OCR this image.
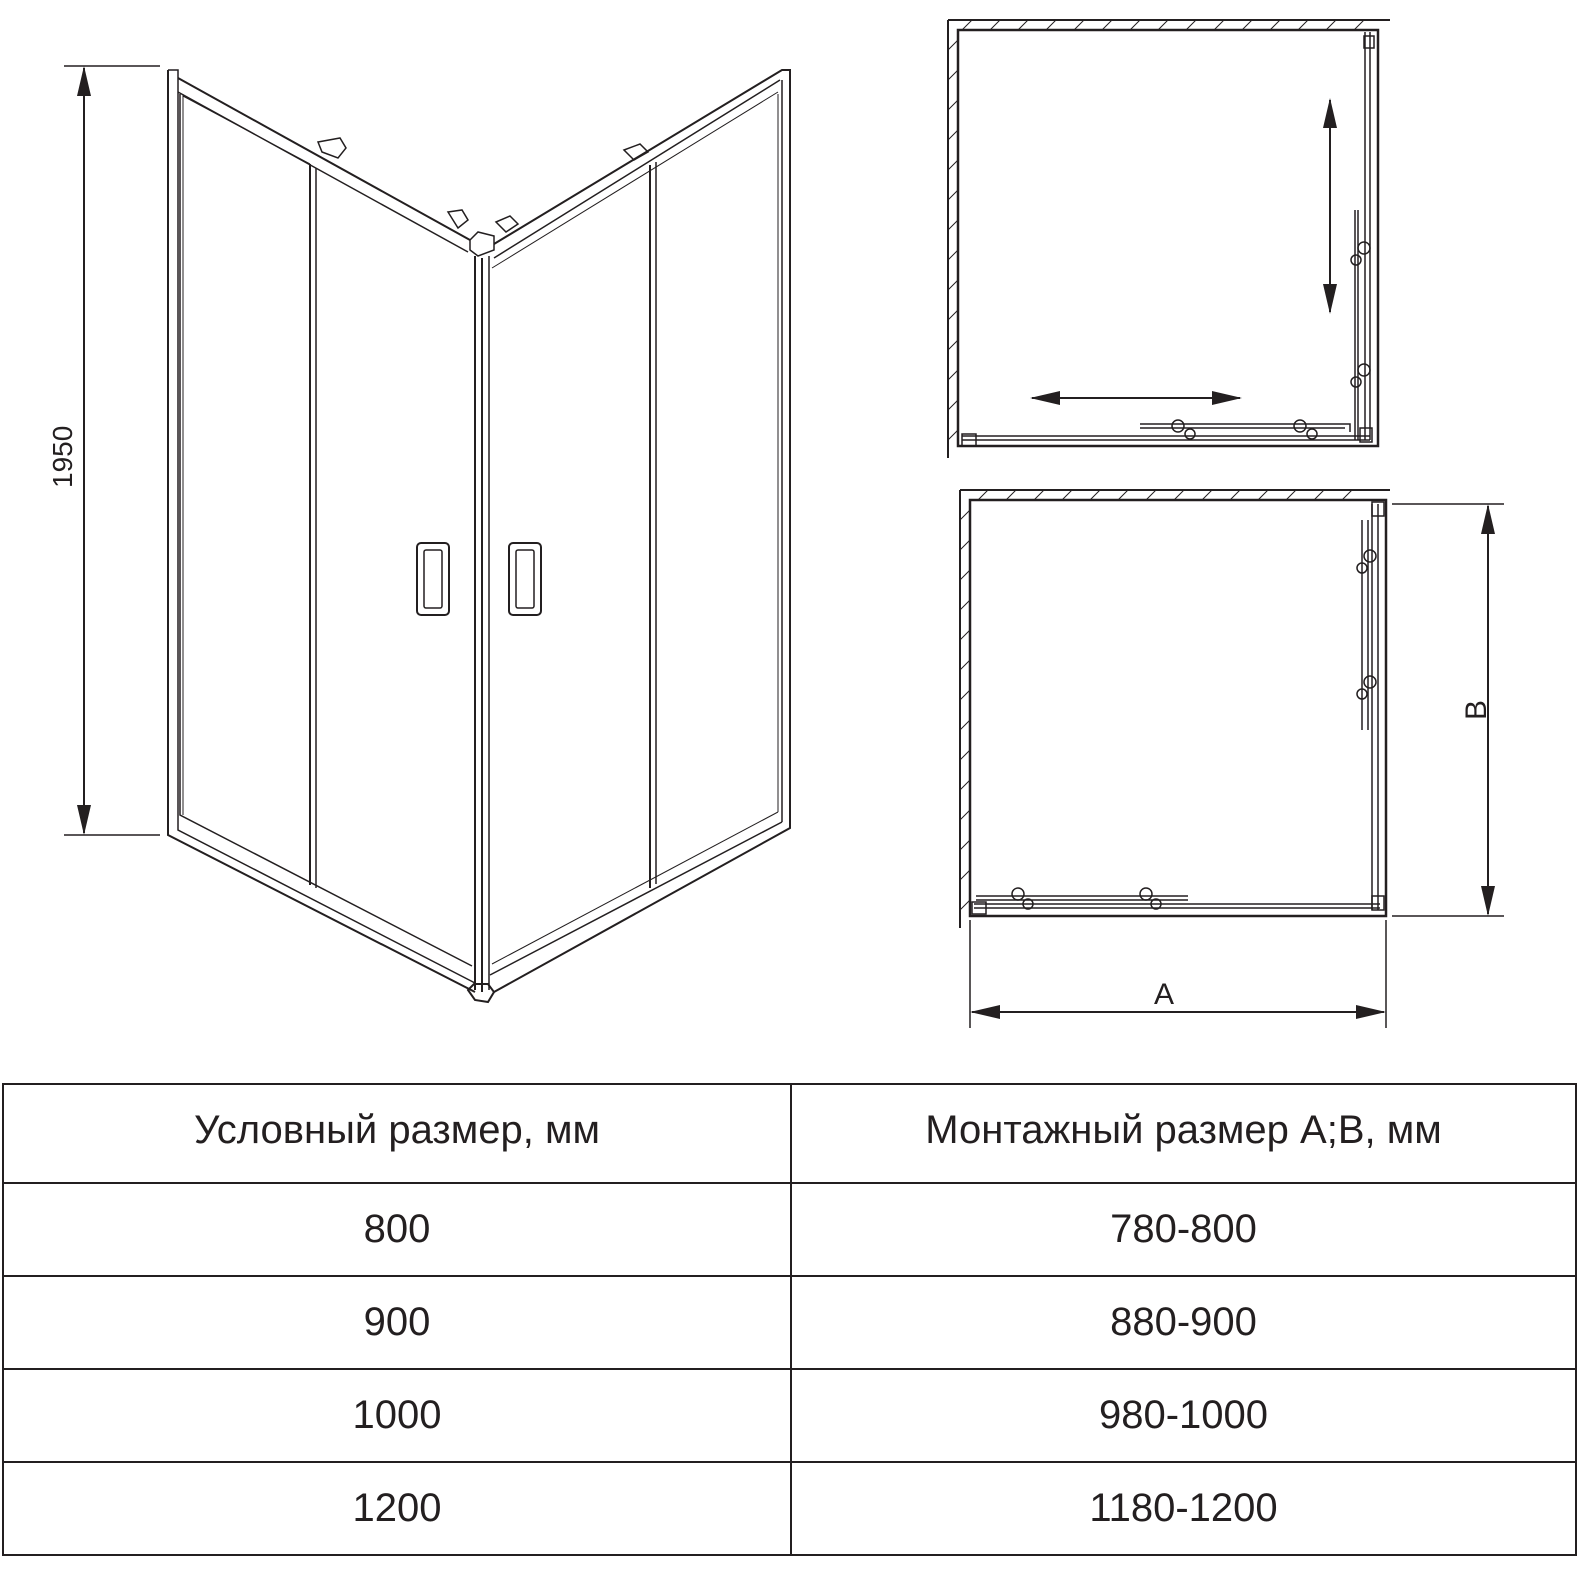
1950
A
B
Условный размер, мм	Монтажный размер A;B, мм
800	780-800
900	880-900
1000	980-1000
1200	1180-1200
